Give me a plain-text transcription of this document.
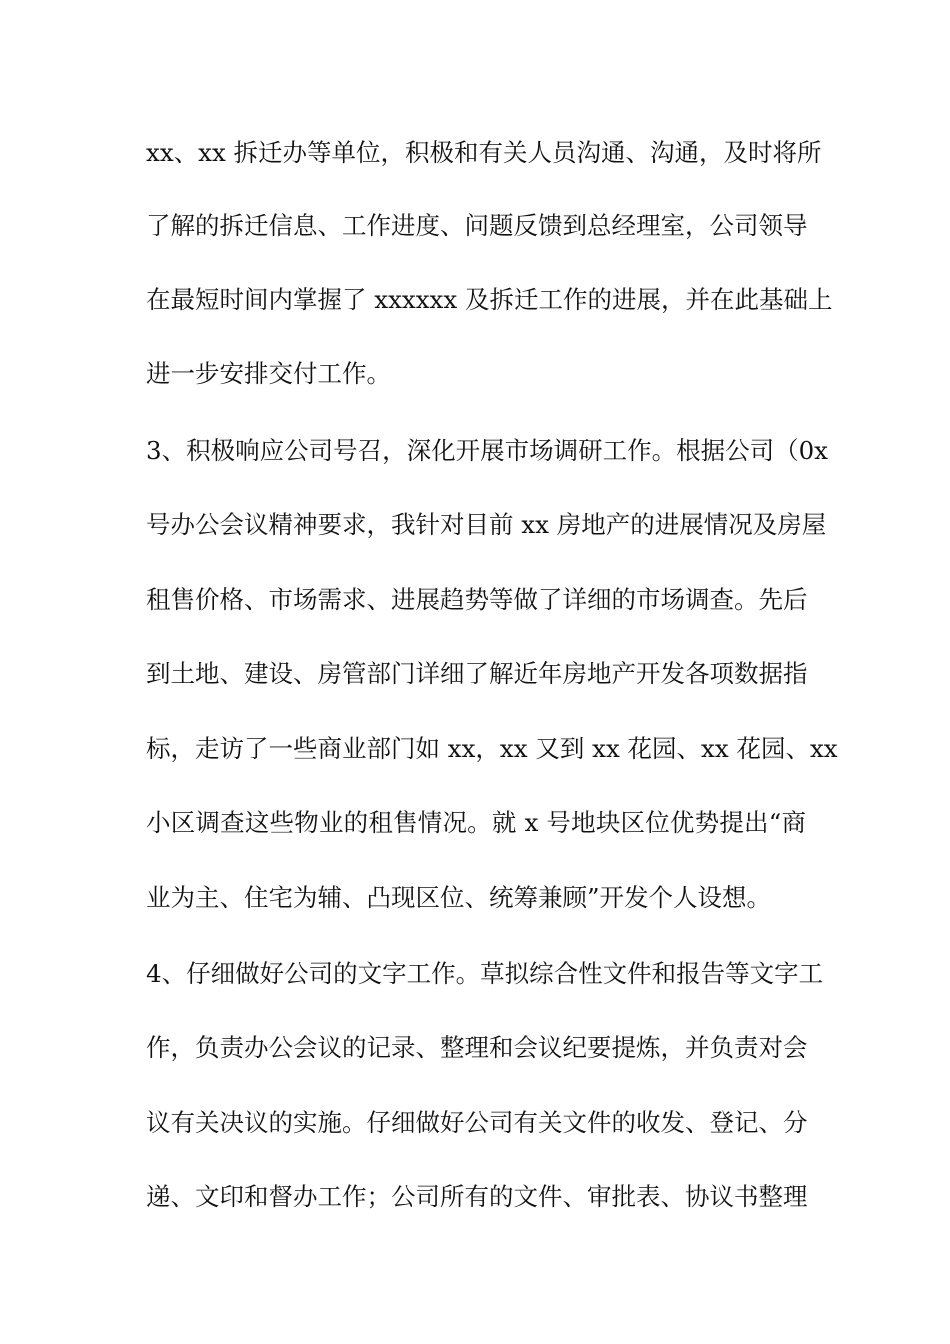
xx、xx 拆迁办等单位，积极和有关人员沟通、沟通，及时将所
了解的拆迁信息、工作进度、问题反馈到总经理室，公司领导
在最短时间内掌握了 xxxxxx 及拆迁工作的进展，并在此基础上
进一步安排交付工作。
3、积极响应公司号召，深化开展市场调研工作。根据公司（0x
号办公会议精神要求，我针对目前 xx 房地产的进展情况及房屋
租售价格、市场需求、进展趋势等做了详细的市场调查。先后
到土地、建设、房管部门详细了解近年房地产开发各项数据指
标，走访了一些商业部门如 xx，xx 又到 xx 花园、xx 花园、xx
小区调查这些物业的租售情况。就 x 号地块区位优势提出“商
业为主、住宅为辅、凸现区位、统筹兼顾”开发个人设想。
4、仔细做好公司的文字工作。草拟综合性文件和报告等文字工
作，负责办公会议的记录、整理和会议纪要提炼，并负责对会
议有关决议的实施。仔细做好公司有关文件的收发、登记、分
递、文印和督办工作；公司所有的文件、审批表、协议书整理
